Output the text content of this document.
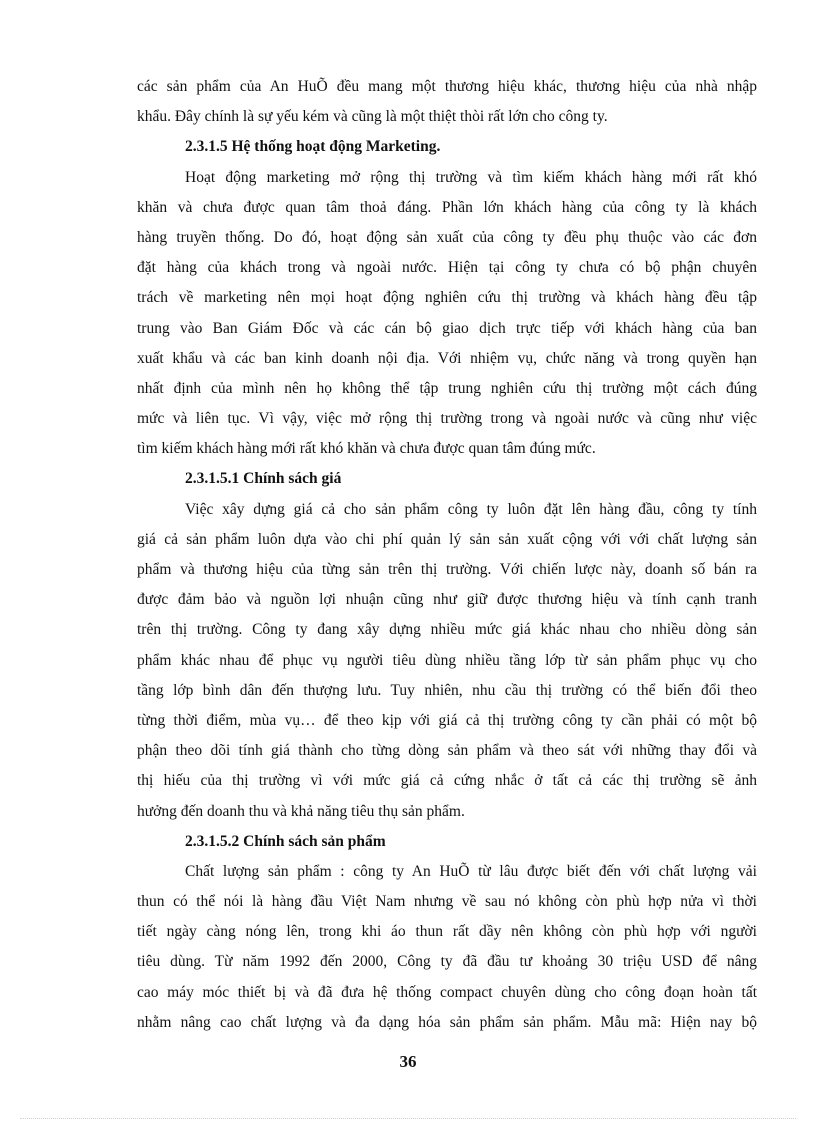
các sản phẩm của An HuÕ đều mang một thương hiệu khác, thương hiệu của nhà nhập
khẩu. Đây chính là sự yếu kém và cũng là một thiệt thòi rất lớn cho công ty.
2.3.1.5 Hệ thống hoạt động Marketing.
Hoạt động marketing mở rộng thị trường và tìm kiếm khách hàng mới rất khó
khăn và chưa được quan tâm thoả đáng. Phần lớn khách hàng của công ty là khách
hàng truyền thống. Do đó, hoạt động sản xuất của công ty đều phụ thuộc vào các đơn
đặt hàng của khách trong và ngoài nước. Hiện tại công ty chưa có bộ phận chuyên
trách về marketing nên mọi hoạt động nghiên cứu thị trường và khách hàng đều tập
trung vào Ban Giám Đốc và các cán bộ giao dịch trực tiếp với khách hàng của ban
xuất khẩu và các ban kinh doanh nội địa. Với nhiệm vụ, chức năng và trong quyền hạn
nhất định của mình nên họ không thể tập trung nghiên cứu thị trường một cách đúng
mức và liên tục. Vì vậy, việc mở rộng thị trường trong và ngoài nước và cũng như việc
tìm kiếm khách hàng mới rất khó khăn và chưa được quan tâm đúng mức.
2.3.1.5.1 Chính sách giá
Việc xây dựng giá cả cho sản phẩm công ty luôn đặt lên hàng đầu, công ty tính
giá cả sản phẩm luôn dựa vào chi phí quản lý sản sản xuất cộng với với chất lượng sản
phẩm và thương hiệu của từng sản trên thị trường. Với chiến lược này, doanh số bán ra
được đảm bảo và nguồn lợi nhuận cũng như giữ được thương hiệu và tính cạnh tranh
trên thị trường. Công ty đang xây dựng nhiều mức giá khác nhau cho nhiều dòng sản
phẩm khác nhau để phục vụ người tiêu dùng nhiều tầng lớp từ sản phẩm phục vụ cho
tầng lớp bình dân đến thượng lưu. Tuy nhiên, nhu cầu thị trường có thể biến đổi theo
từng thời điểm, mùa vụ… để theo kịp với giá cả thị trường công ty cần phải có một bộ
phận theo dõi tính giá thành cho từng dòng sản phẩm và theo sát với những thay đổi và
thị hiếu của thị trường vì với mức giá cả cứng nhắc ở tất cả các thị trường sẽ ảnh
hưởng đến doanh thu và khả năng tiêu thụ sản phẩm.
2.3.1.5.2 Chính sách sản phẩm
Chất lượng sản phẩm : công ty An HuÕ từ lâu được biết đến với chất lượng vải
thun có thể nói là hàng đầu Việt Nam nhưng về sau nó không còn phù hợp nửa vì thời
tiết ngày càng nóng lên, trong khi áo thun rất dầy nên không còn phù hợp với người
tiêu dùng. Từ năm 1992 đến 2000, Công ty đã đầu tư khoảng 30 triệu USD để nâng
cao máy móc thiết bị và đã đưa hệ thống compact chuyên dùng cho công đoạn hoàn tất
nhằm nâng cao chất lượng và đa dạng hóa sản phẩm sản phẩm. Mẫu mã: Hiện nay bộ
36
